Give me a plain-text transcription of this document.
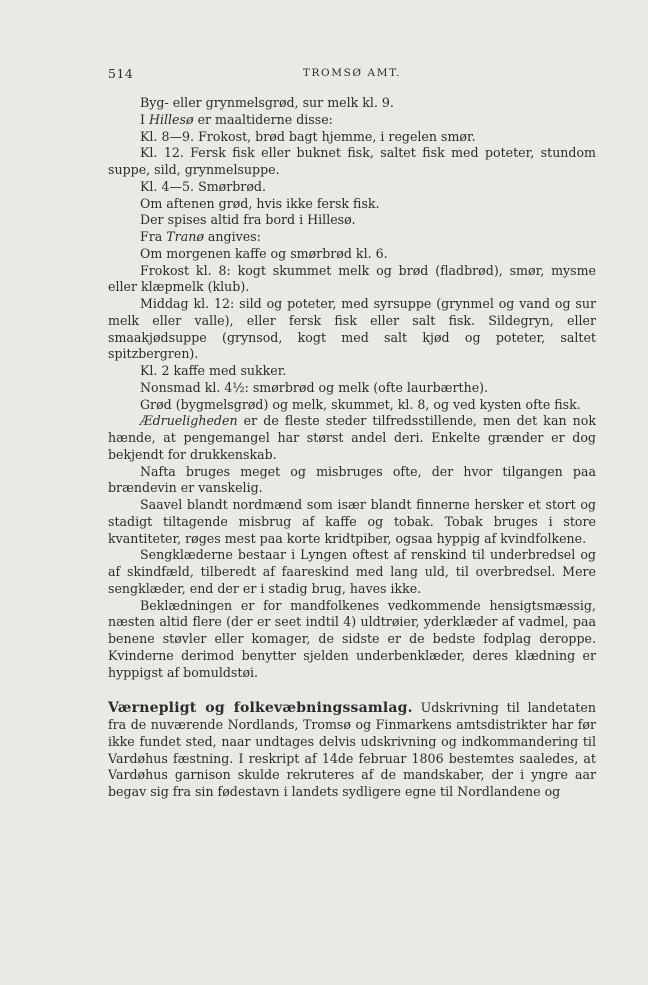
514	TROMSØ AMT.

Byg- eller grynmelsgrød, sur melk kl. 9.

I Hillesø er maaltiderne disse:

Kl. 8—9. Frokost, brød bagt hjemme, i regelen smør.

Kl. 12. Fersk fisk eller buknet fisk, saltet fisk med poteter, stundom suppe, sild, grynmelsuppe.

Kl. 4—5. Smørbrød.

Om aftenen grød, hvis ikke fersk fisk.

Der spises altid fra bord i Hillesø.

Fra Tranø angives:

Om morgenen kaffe og smørbrød kl. 6.

Frokost kl. 8: kogt skummet melk og brød (fladbrød), smør, mysme eller klæpmelk (klub).

Middag kl. 12: sild og poteter, med syrsuppe (grynmel og vand og sur melk eller valle), eller fersk fisk eller salt fisk. Sildegryn, eller smaakjødsuppe (grynsod, kogt med salt kjød og poteter, saltet spitzbergren).

Kl. 2 kaffe med sukker.

Nonsmad kl. 4½: smørbrød og melk (ofte laurbærthe).

Grød (bygmelsgrød) og melk, skummet, kl. 8, og ved kysten ofte fisk.

Ædrueligheden er de fleste steder tilfredsstillende, men det kan nok hænde, at pengemangel har størst andel deri. Enkelte grænder er dog bekjendt for drukkenskab.

Nafta bruges meget og misbruges ofte, der hvor tilgangen paa brændevin er vanskelig.

Saavel blandt nordmænd som især blandt finnerne hersker et stort og stadigt tiltagende misbrug af kaffe og tobak. Tobak bruges i store kvantiteter, røges mest paa korte kridtpiber, ogsaa hyppig af kvindfolkene.

Sengklæderne bestaar i Lyngen oftest af renskind til underbredsel og af skindfæld, tilberedt af faareskind med lang uld, til overbredsel. Mere sengklæder, end der er i stadig brug, haves ikke.

Beklædningen er for mandfolkenes vedkommende hensigtsmæssig, næsten altid flere (der er seet indtil 4) uldtrøier, yderklæder af vadmel, paa benene støvler eller komager, de sidste er de bedste fodplag deroppe. Kvinderne derimod benytter sjelden underbenklæder, deres klædning er hyppigst af bomuldstøi.

Værnepligt og folkevæbningssamlag. Udskrivning til landetaten fra de nuværende Nordlands, Tromsø og Finmarkens amtsdistrikter har før ikke fundet sted, naar undtages delvis udskrivning og indkommandering til Vardøhus fæstning. I reskript af 14de februar 1806 bestemtes saaledes, at Vardøhus garnison skulde rekruteres af de mandskaber, der i yngre aar begav sig fra sin fødestavn i landets sydligere egne til Nordlandene og
